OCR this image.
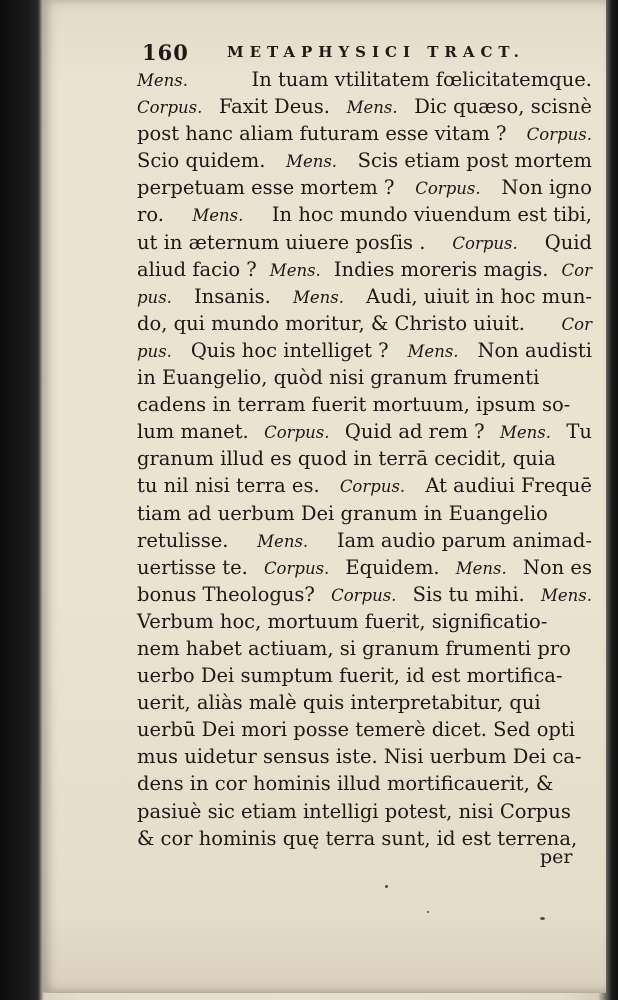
160	METAPHYSICI TRACT.
Mens.	In tuam vtilitatem fœlicitatemque.
Corpus. Faxit Deus. Mens. Dic quæso, scisnè
post hanc aliam futuram esse vitam ? Corpus.
Scio quidem. Mens. Scis etiam post mortem
perpetuam esse mortem ? Corpus. Non igno
ro. Mens. In hoc mundo viuendum est tibi,
ut in æternum uiuere posſis . Corpus. Quid
aliud facio ? Mens. Indies moreris magis. Cor
pus. Insanis. Mens. Audi, uiuit in hoc mun-
do, qui mundo moritur, & Christo uiuit. Cor
pus. Quis hoc intelliget ? Mens. Non audisti
in Euangelio, quòd nisi granum frumenti
cadens in terram fuerit mortuum, ipsum so-
lum manet. Corpus. Quid ad rem ? Mens. Tu
granum illud es quod in terrā cecidit, quia
tu nil nisi terra es. Corpus. At audiui Frequē
tiam ad uerbum Dei granum in Euangelio
retulisse. Mens. Iam audio parum animad-
uertisse te. Corpus. Equidem. Mens. Non es
bonus Theologus? Corpus. Sis tu mihi. Mens.
Verbum hoc, mortuum fuerit, significatio-
nem habet actiuam, si granum frumenti pro
uerbo Dei sumptum fuerit, id est mortifica-
uerit, aliàs malè quis interpretabitur, qui
uerbū Dei mori posse temerè dicet. Sed opti
mus uidetur sensus iste. Nisi uerbum Dei ca-
dens in cor hominis illud mortificauerit, &
pasiuè sic etiam intelligi potest, nisi Corpus
& cor hominis quę terra sunt, id est terrena,
per
